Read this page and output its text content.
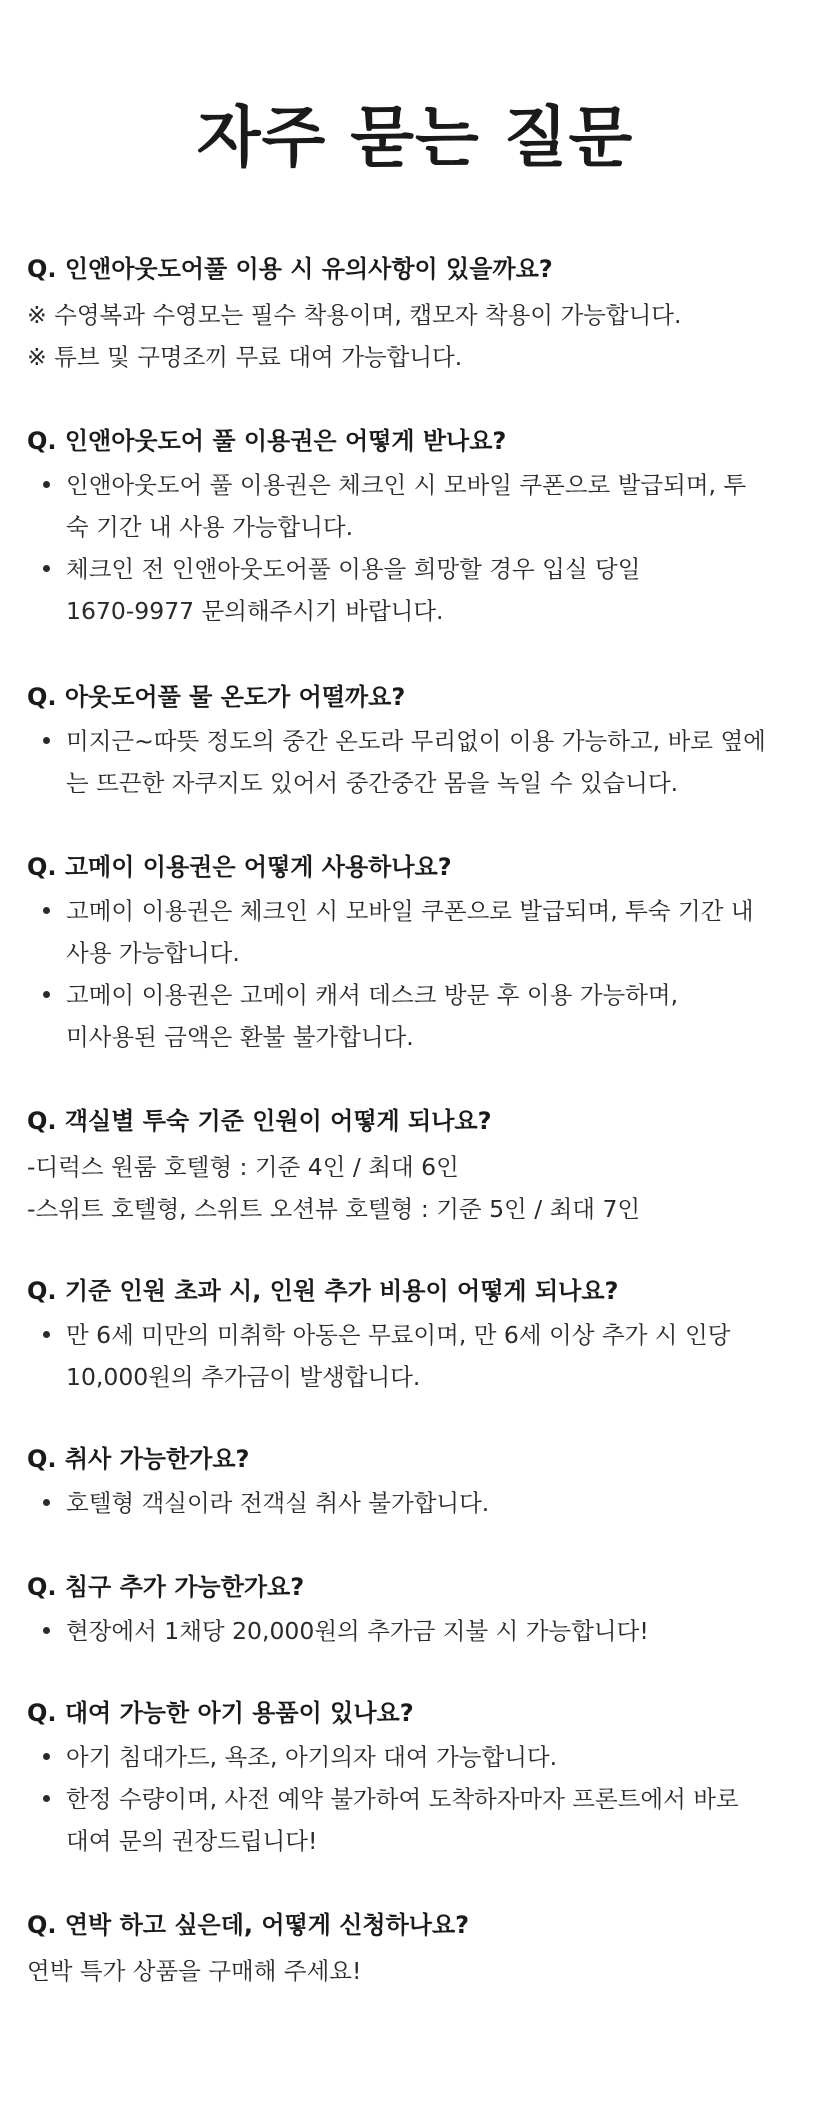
자주 묻는 질문
Q. 인앤아웃도어풀 이용 시 유의사항이 있을까요?
※ 수영복과 수영모는 필수 착용이며, 캡모자 착용이 가능합니다.
※ 튜브 및 구명조끼 무료 대여 가능합니다.
Q. 인앤아웃도어 풀 이용권은 어떻게 받나요?
인앤아웃도어 풀 이용권은 체크인 시 모바일 쿠폰으로 발급되며, 투
숙 기간 내 사용 가능합니다.
체크인 전 인앤아웃도어풀 이용을 희망할 경우 입실 당일
1670-9977 문의해주시기 바랍니다.
Q. 아웃도어풀 물 온도가 어떨까요?
미지근~따뜻 정도의 중간 온도라 무리없이 이용 가능하고, 바로 옆에
는 뜨끈한 자쿠지도 있어서 중간중간 몸을 녹일 수 있습니다.
Q. 고메이 이용권은 어떻게 사용하나요?
고메이 이용권은 체크인 시 모바일 쿠폰으로 발급되며, 투숙 기간 내
사용 가능합니다.
고메이 이용권은 고메이 캐셔 데스크 방문 후 이용 가능하며,
미사용된 금액은 환불 불가합니다.
Q. 객실별 투숙 기준 인원이 어떻게 되나요?
-디럭스 원룸 호텔형 : 기준 4인 / 최대 6인
-스위트 호텔형, 스위트 오션뷰 호텔형 : 기준 5인 / 최대 7인
Q. 기준 인원 초과 시, 인원 추가 비용이 어떻게 되나요?
만 6세 미만의 미취학 아동은 무료이며, 만 6세 이상 추가 시 인당
10,000원의 추가금이 발생합니다.
Q. 취사 가능한가요?
호텔형 객실이라 전객실 취사 불가합니다.
Q. 침구 추가 가능한가요?
현장에서 1채당 20,000원의 추가금 지불 시 가능합니다!
Q. 대여 가능한 아기 용품이 있나요?
아기 침대가드, 욕조, 아기의자 대여 가능합니다.
한정 수량이며, 사전 예약 불가하여 도착하자마자 프론트에서 바로
대여 문의 권장드립니다!
Q. 연박 하고 싶은데, 어떻게 신청하나요?
연박 특가 상품을 구매해 주세요!
